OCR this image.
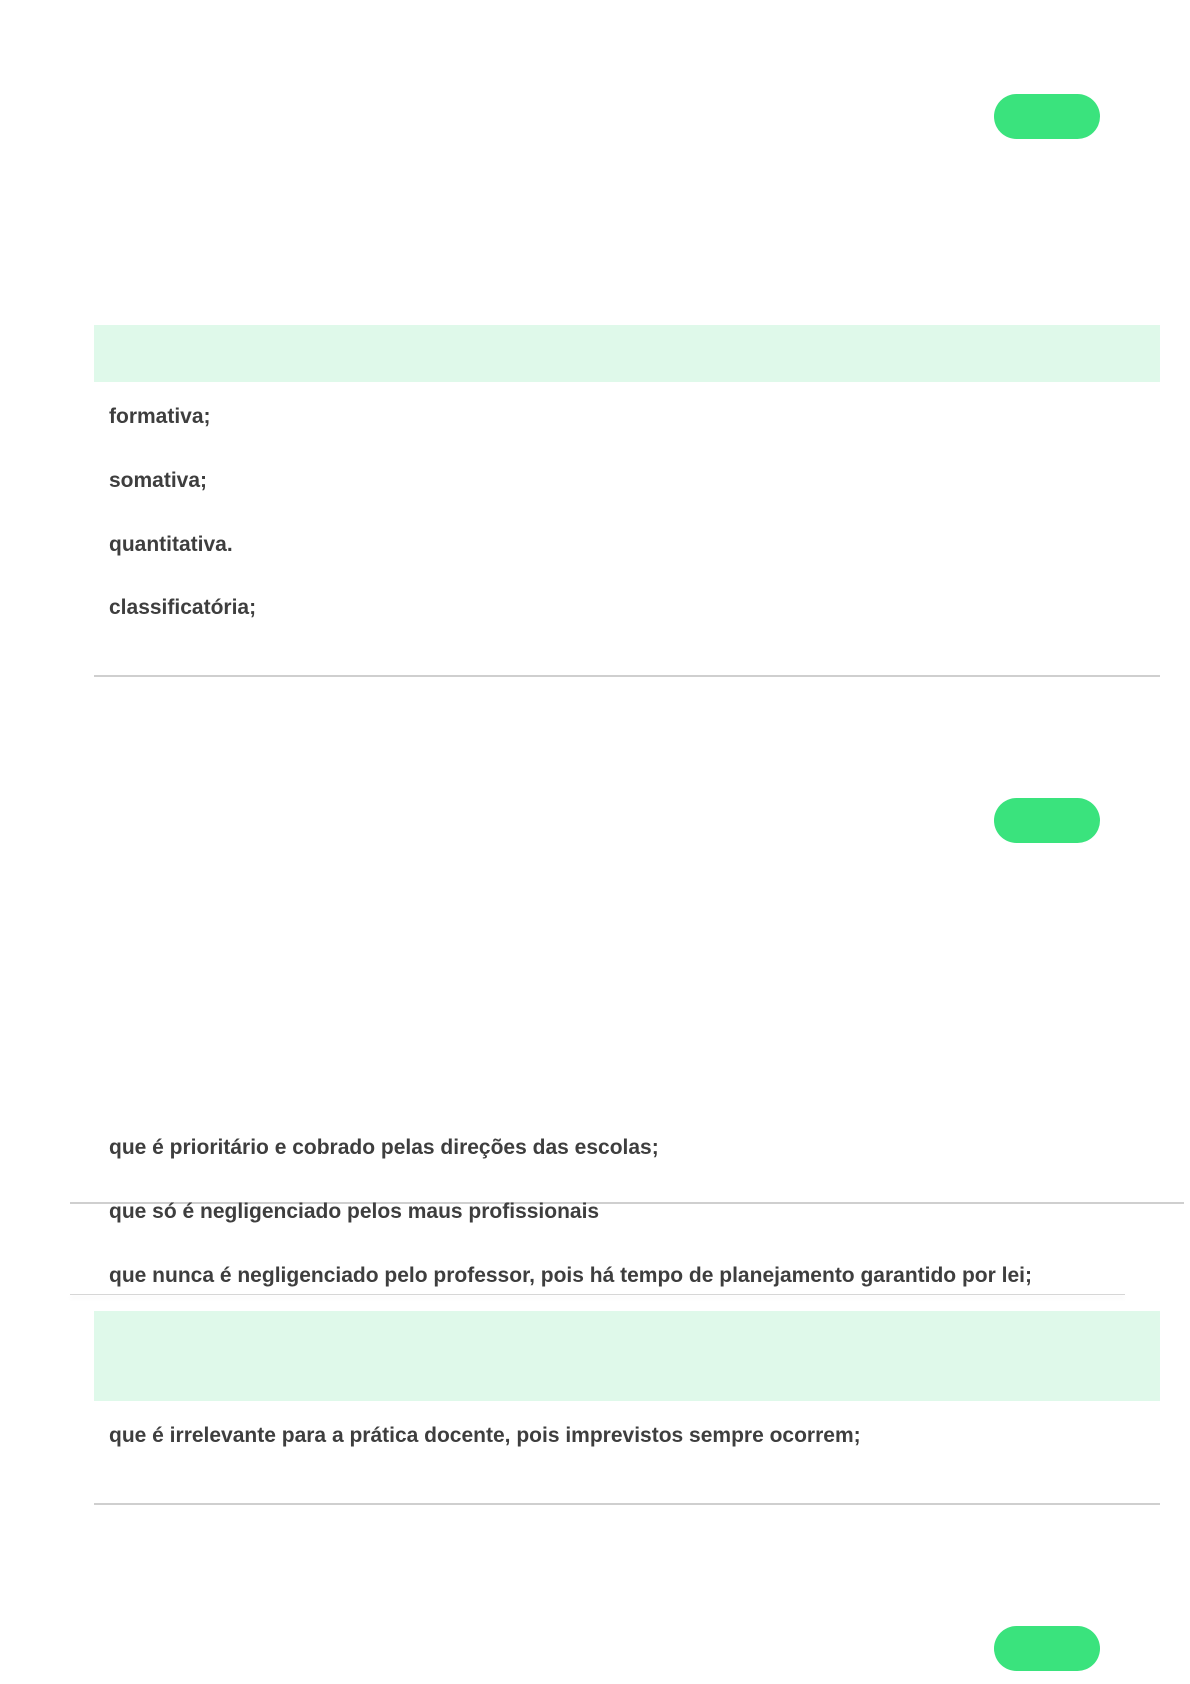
formativa;

somativa;

quantitativa.

classificatória;

que é prioritário e cobrado pelas direções das escolas;

que só é negligenciado pelos maus profissionais

que nunca é negligenciado pelo professor, pois há tempo de planejamento garantido por lei;

que é irrelevante para a prática docente, pois imprevistos sempre ocorrem;
